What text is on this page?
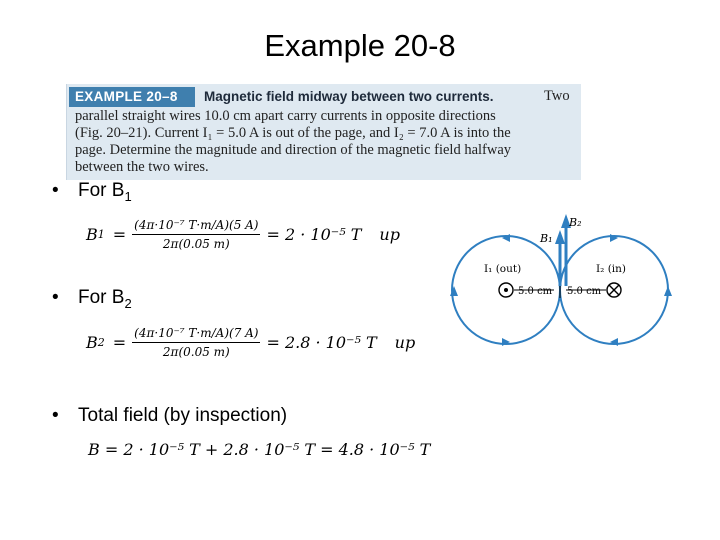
Example 20-8
EXAMPLE 20–8	Magnetic field midway between two currents.	Two
parallel straight wires 10.0 cm apart carry currents in opposite directions
(Fig. 20–21). Current I₁ = 5.0 A is out of the page, and I₂ = 7.0 A is into the
page. Determine the magnitude and direction of the magnetic field halfway
between the two wires.
• For $B_1$
B $1 = \frac{\text{(4π·10⁻⁷ T·m/A)(5 A)}}{2\pi(0.05 m)} = 2 \cdot 10^{-5}$ T up
• For $B_2$
B $2 = \frac{\text{(4π·10⁻⁷ T·m/A)(7 A)}}{2\pi(0.05 m)} = 2.8 \cdot 10^{-5}$ T up
• Total field (by inspection)
B = 2 · 10⁻⁵ T + 2.8 · 10⁻⁵ T = 4.8 · 10⁻⁵ T
5.0 cm 5.0 cm
I₁ (out)	I₂ (in)
B₁
B₂
